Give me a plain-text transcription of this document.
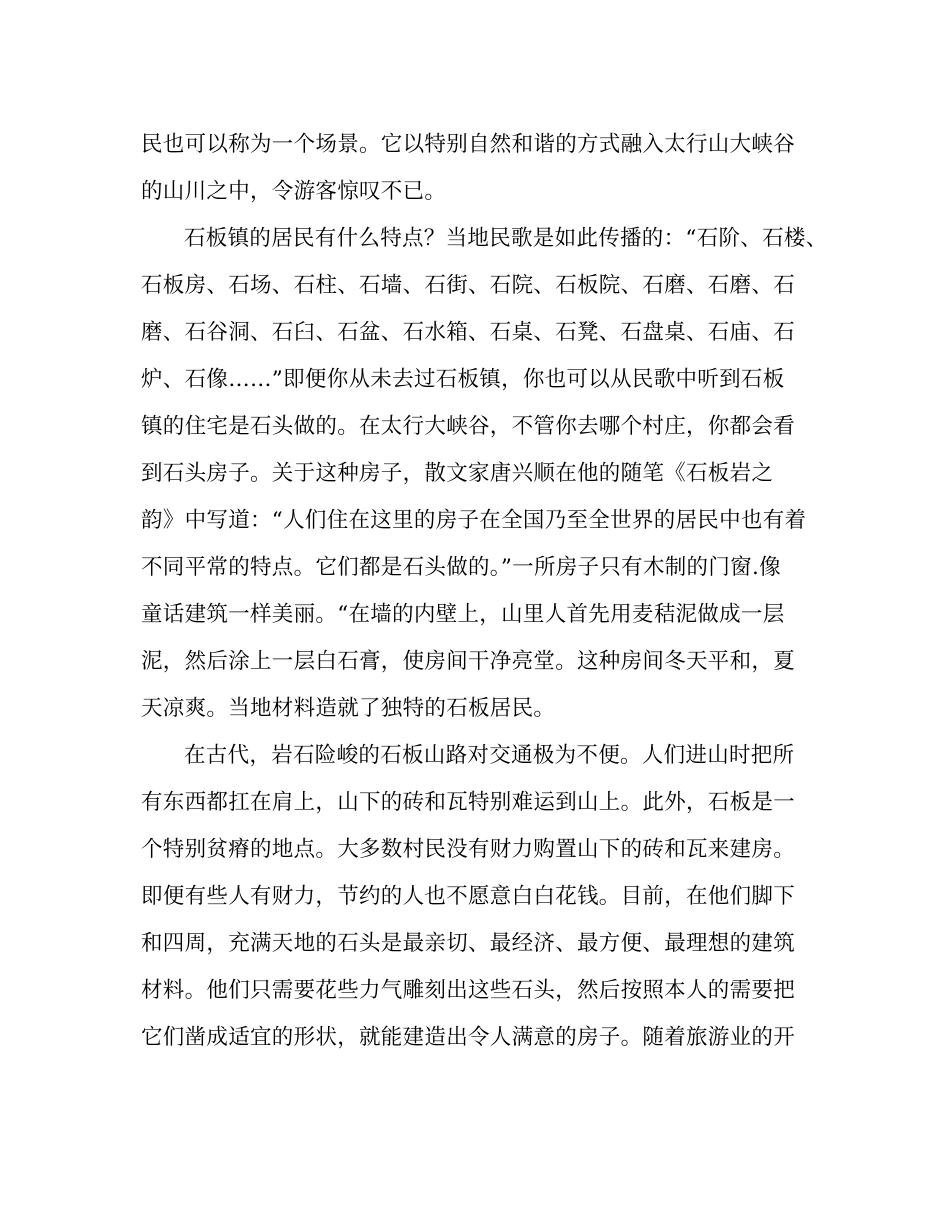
民也可以称为一个场景。它以特别自然和谐的方式融入太行山大峡谷
的山川之中，令游客惊叹不已。
石板镇的居民有什么特点？当地民歌是如此传播的：“石阶、石楼、
石板房、石场、石柱、石墙、石街、石院、石板院、石磨、石磨、石
磨、石谷洞、石臼、石盆、石水箱、石桌、石凳、石盘桌、石庙、石
炉、石像……”即便你从未去过石板镇，你也可以从民歌中听到石板
镇的住宅是石头做的。在太行大峡谷，不管你去哪个村庄，你都会看
到石头房子。关于这种房子，散文家唐兴顺在他的随笔《石板岩之
韵》中写道：“人们住在这里的房子在全国乃至全世界的居民中也有着
不同平常的特点。它们都是石头做的。”一所房子只有木制的门窗.像
童话建筑一样美丽。“在墙的内壁上，山里人首先用麦秸泥做成一层
泥，然后涂上一层白石膏，使房间干净亮堂。这种房间冬天平和，夏
天凉爽。当地材料造就了独特的石板居民。
在古代，岩石险峻的石板山路对交通极为不便。人们进山时把所
有东西都扛在肩上，山下的砖和瓦特别难运到山上。此外，石板是一
个特别贫瘠的地点。大多数村民没有财力购置山下的砖和瓦来建房。
即便有些人有财力，节约的人也不愿意白白花钱。目前，在他们脚下
和四周，充满天地的石头是最亲切、最经济、最方便、最理想的建筑
材料。他们只需要花些力气雕刻出这些石头，然后按照本人的需要把
它们凿成适宜的形状，就能建造出令人满意的房子。随着旅游业的开
